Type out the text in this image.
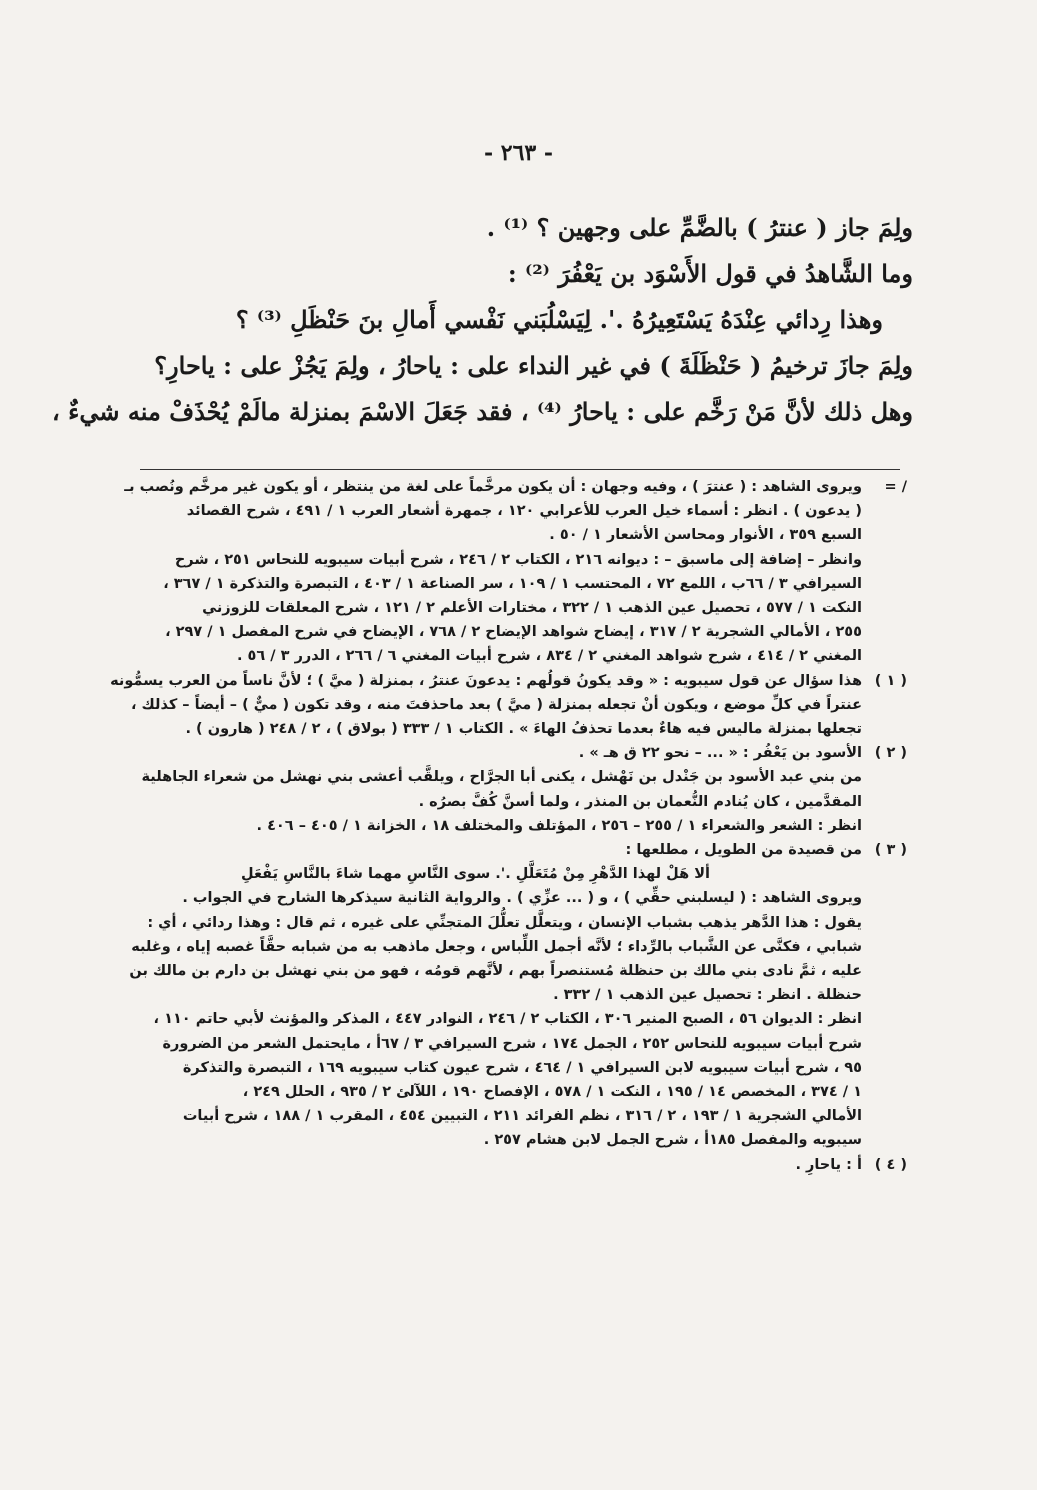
- ٢٦٣ -
ولِمَ جاز ( عنترُ ) بالضَّمِّ على وجهين ؟ ⁽¹⁾ .
وما الشَّاهدُ في قول الأَسْوَد بن يَعْفُرَ ⁽²⁾ :
وهذا رِدائي عِنْدَهُ يَسْتَعِيرُهُ .'. لِيَسْلُبَني نَفْسي أَمالِ بنَ حَنْظَلِ ⁽³⁾ ؟
ولِمَ جازَ ترخيمُ ( حَنْظَلَةَ ) في غير النداء على : ياحارُ ، ولِمَ يَجُزْ على : ياحارِ؟
وهل ذلك لأنَّ مَنْ رَخَّم على : ياحارُ ⁽⁴⁾ ، فقد جَعَلَ الاسْمَ بمنزلة مالَمْ يُحْذَفْ منه شيءٌ ،
/ =
ويروى الشاهد : ( عنترَ ) ، وفيه وجهان : أن يكون مرخَّماً على لغة من ينتظر ، أو يكون غير مرخَّم ونُصب بـ
( يدعون ) . انظر : أسماء خيل العرب للأعرابي ١٢٠ ، جمهرة أشعار العرب ١ / ٤٩١ ، شرح القصائد
السبع ٣٥٩ ، الأنوار ومحاسن الأشعار ١ / ٥٠ .
وانظر – إضافة إلى ماسبق – : ديوانه ٢١٦ ، الكتاب ٢ / ٢٤٦ ، شرح أبيات سيبويه للنحاس ٢٥١ ، شرح
السيرافي ٣ / ٦٦ب ، اللمع ٧٢ ، المحتسب ١ / ١٠٩ ، سر الصناعة ١ / ٤٠٣ ، التبصرة والتذكرة ١ / ٣٦٧ ،
النكت ١ / ٥٧٧ ، تحصيل عين الذهب ١ / ٣٢٢ ، مختارات الأعلم ٢ / ١٢١ ، شرح المعلقات للزوزني
٢٥٥ ، الأمالي الشجرية ٢ / ٣١٧ ، إيضاح شواهد الإيضاح ٢ / ٧٦٨ ، الإيضاح في شرح المفصل ١ / ٢٩٧ ،
المغني ٢ / ٤١٤ ، شرح شواهد المغني ٢ / ٨٣٤ ، شرح أبيات المغني ٦ / ٢٦٦ ، الدرر ٣ / ٥٦ .
( ١ )
هذا سؤال عن قول سيبويه : « وقد يكونُ قولُهم : يدعونَ عنترُ ، بمنزلة ( ميَّ ) ؛ لأنَّ ناساً من العرب يسمُّونه
عنتراً في كلِّ موضع ، ويكون أنْ تجعله بمنزلة ( ميَّ ) بعد ماحذفتَ منه ، وقد تكون ( ميٌّ ) – أيضاً – كذلك ،
تجعلها بمنزلة ماليس فيه هاءٌ بعدما تحذفُ الهاءَ » . الكتاب ١ / ٣٣٣ ( بولاق ) ، ٢ / ٢٤٨ ( هارون ) .
( ٢ )
الأسود بن يَعْفُر : « ... – نحو ٢٢ ق هـ » .
من بني عبد الأسود بن جَنْدل بن نَهْشل ، يكنى أبا الجرَّاح ، ويلقَّب أعشى بني نهشل من شعراء الجاهلية
المقدَّمين ، كان يُنادم النُّعمان بن المنذر ، ولما أسنَّ كُفَّ بصرُه .
انظر : الشعر والشعراء ١ / ٢٥٥ – ٢٥٦ ، المؤتلف والمختلف ١٨ ، الخزانة ١ / ٤٠٥ – ٤٠٦ .
( ٣ )
من قصيدة من الطويل ، مطلعها :
ألا هَلْ لهذا الدَّهْرِ مِنْ مُتَعَلَّلِ .'. سوى النَّاسِ مهما شاءَ بالنَّاسِ يَفْعَلِ
ويروى الشاهد : ( ليسلبني حقِّي ) ، و ( ... عزِّي ) . والرواية الثانية سيذكرها الشارح في الجواب .
يقول : هذا الدَّهر يذهب بشباب الإنسان ، ويتعلَّل تعلُّلَ المتجنِّي على غيره ، ثم قال : وهذا ردائي ، أي :
شبابي ، فكنَّى عن الشَّباب بالرِّداء ؛ لأنَّه أجمل اللِّباس ، وجعل ماذهب به من شبابه حقَّاً غصبه إياه ، وغلبه
عليه ، ثمَّ نادى بني مالك بن حنظلة مُستنصراً بهم ، لأنَّهم قومُه ، فهو من بني نهشل بن دارم بن مالك بن
حنظلة . انظر : تحصيل عين الذهب ١ / ٣٣٢ .
انظر : الديوان ٥٦ ، الصبح المنير ٣٠٦ ، الكتاب ٢ / ٢٤٦ ، النوادر ٤٤٧ ، المذكر والمؤنث لأبي حاتم ١١٠ ،
شرح أبيات سيبويه للنحاس ٢٥٢ ، الجمل ١٧٤ ، شرح السيرافي ٣ / ٦٧أ ، مايحتمل الشعر من الضرورة
٩٥ ، شرح أبيات سيبويه لابن السيرافي ١ / ٤٦٤ ، شرح عيون كتاب سيبويه ١٦٩ ، التبصرة والتذكرة
١ / ٣٧٤ ، المخصص ١٤ / ١٩٥ ، النكت ١ / ٥٧٨ ، الإفصاح ١٩٠ ، اللآلئ ٢ / ٩٣٥ ، الحلل ٢٤٩ ،
الأمالي الشجرية ١ / ١٩٣ ، ٢ / ٣١٦ ، نظم الفرائد ٢١١ ، التبيين ٤٥٤ ، المقرب ١ / ١٨٨ ، شرح أبيات
سيبويه والمفصل ١٨٥أ ، شرح الجمل لابن هشام ٢٥٧ .
( ٤ )
أ : ياحارِ .
